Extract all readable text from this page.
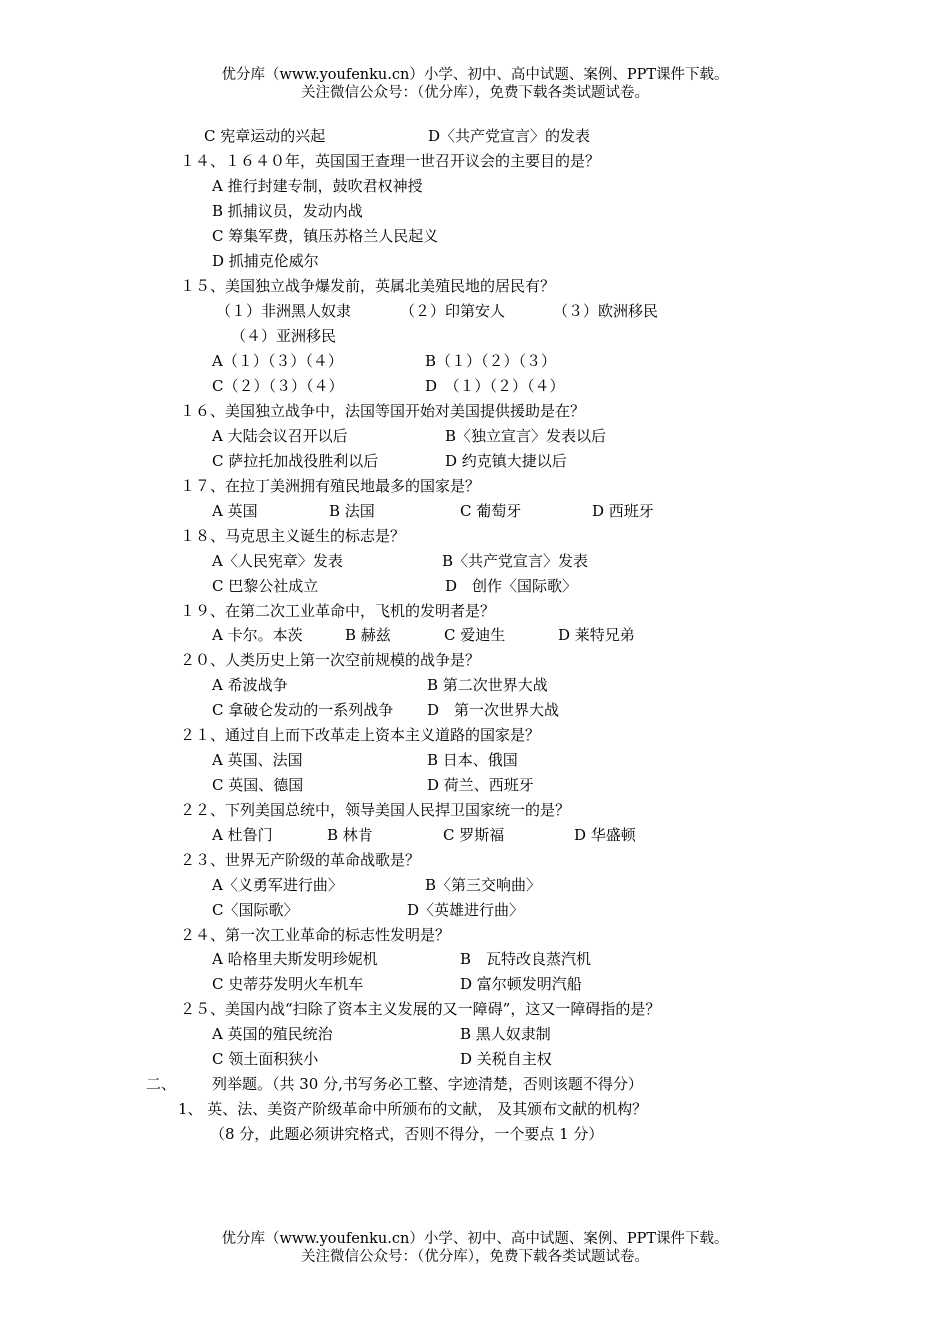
优分库（www.youfenku.cn）小学、初中、高中试题、案例、PPT课件下载。
关注微信公众号：（优分库），免费下载各类试题试卷。
C 宪章运动的兴起	D〈共产党宣言〉的发表
１４、１６４０年，英国国王查理一世召开议会的主要目的是？
A 推行封建专制，鼓吹君权神授
B 抓捕议员，发动内战
C 筹集军费，镇压苏格兰人民起义
D 抓捕克伦威尔
１５、美国独立战争爆发前，英属北美殖民地的居民有？
（１）非洲黑人奴隶	（２）印第安人	（３）欧洲移民
（４）亚洲移民
A（１）（３）（４）	B（１）（２）（３）
C（２）（３）（４）	D　（１）（２）（４）
１６、美国独立战争中，法国等国开始对美国提供援助是在？
A 大陆会议召开以后	B〈独立宣言〉发表以后
C 萨拉托加战役胜利以后	D 约克镇大捷以后
１７、在拉丁美洲拥有殖民地最多的国家是？
A 英国	B 法国	C 葡萄牙	D 西班牙
１８、马克思主义诞生的标志是？
A〈人民宪章〉发表	B〈共产党宣言〉发表
C 巴黎公社成立	D　创作〈国际歌〉
１９、在第二次工业革命中，飞机的发明者是？
A 卡尔。本茨	B 赫兹	C 爱迪生	D 莱特兄弟
２０、人类历史上第一次空前规模的战争是？
A 希波战争	B 第二次世界大战
C 拿破仑发动的一系列战争 D　第一次世界大战
２１、通过自上而下改革走上资本主义道路的国家是？
A 英国、法国	B 日本、俄国
C 英国、德国	D 荷兰、西班牙
２２、下列美国总统中，领导美国人民捍卫国家统一的是？
A 杜鲁门	B 林肯	C 罗斯福	D 华盛顿
２３、世界无产阶级的革命战歌是？
A〈义勇军进行曲〉	B〈第三交响曲〉
C〈国际歌〉	D〈英雄进行曲〉
２４、第一次工业革命的标志性发明是？
A 哈格里夫斯发明珍妮机	B　瓦特改良蒸汽机
C 史蒂芬发明火车机车	D 富尔顿发明汽船
２５、美国内战“扫除了资本主义发展的又一障碍”，这又一障碍指的是？
A 英国的殖民统治	B 黑人奴隶制
C 领土面积狭小	D 关税自主权
二、 列举题。（共 30 分,书写务必工整、字迹清楚，否则该题不得分）
1、 英、法、美资产阶级革命中所颁布的文献， 及其颁布文献的机构？
（8 分，此题必须讲究格式，否则不得分，一个要点 1 分）
优分库（www.youfenku.cn）小学、初中、高中试题、案例、PPT课件下载。
关注微信公众号：（优分库），免费下载各类试题试卷。
